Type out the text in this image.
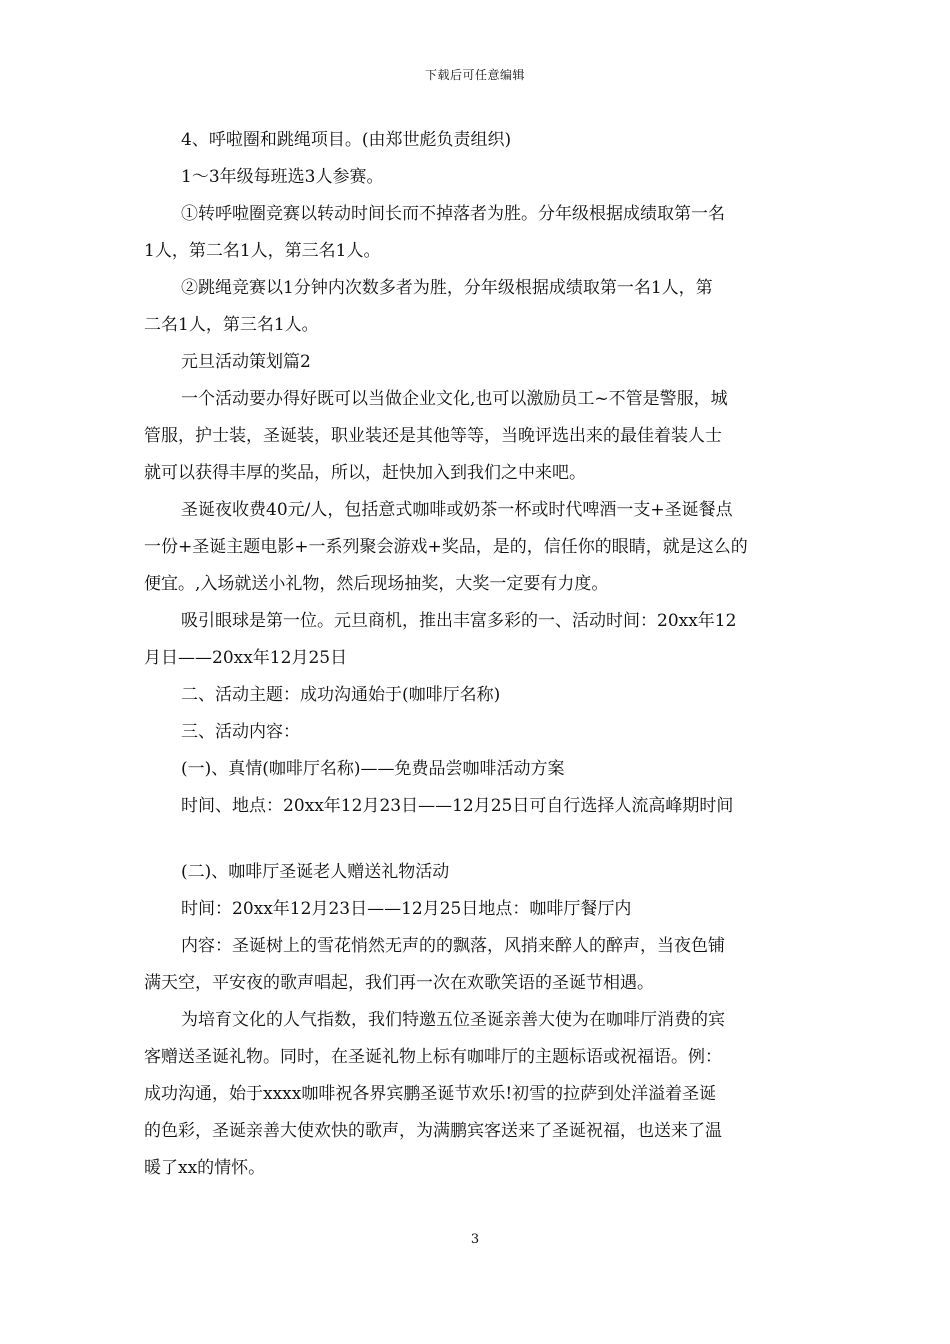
下载后可任意编辑

4、呼啦圈和跳绳项目。(由郑世彪负责组织)

1～3年级每班选3人参赛。

①转呼啦圈竞赛以转动时间长而不掉落者为胜。分年级根据成绩取第一名

1人，第二名1人，第三名1人。

②跳绳竞赛以1分钟内次数多者为胜，分年级根据成绩取第一名1人，第

二名1人，第三名1人。

元旦活动策划篇2

一个活动要办得好既可以当做企业文化,也可以激励员工~不管是警服，城

管服，护士装，圣诞装，职业装还是其他等等，当晚评选出来的最佳着装人士

就可以获得丰厚的奖品，所以，赶快加入到我们之中来吧。

圣诞夜收费40元/人，包括意式咖啡或奶茶一杯或时代啤酒一支+圣诞餐点

一份+圣诞主题电影+一系列聚会游戏+奖品，是的，信任你的眼睛，就是这么的

便宜。,入场就送小礼物，然后现场抽奖，大奖一定要有力度。

吸引眼球是第一位。元旦商机，推出丰富多彩的一、活动时间：20xx年12

月日——20xx年12月25日

二、活动主题：成功沟通始于(咖啡厅名称)

三、活动内容：

(一)、真情(咖啡厅名称)——免费品尝咖啡活动方案

时间、地点：20xx年12月23日——12月25日可自行选择人流高峰期时间

(二)、咖啡厅圣诞老人赠送礼物活动

时间：20xx年12月23日——12月25日地点：咖啡厅餐厅内

内容：圣诞树上的雪花悄然无声的的飘落，风捎来醉人的醉声，当夜色铺

满天空，平安夜的歌声唱起，我们再一次在欢歌笑语的圣诞节相遇。

为培育文化的人气指数，我们特邀五位圣诞亲善大使为在咖啡厅消费的宾

客赠送圣诞礼物。同时，在圣诞礼物上标有咖啡厅的主题标语或祝福语。例：

成功沟通，始于xxxx咖啡祝各界宾鹏圣诞节欢乐!初雪的拉萨到处洋溢着圣诞

的色彩，圣诞亲善大使欢快的歌声，为满鹏宾客送来了圣诞祝福，也送来了温

暖了xx的情怀。

3
